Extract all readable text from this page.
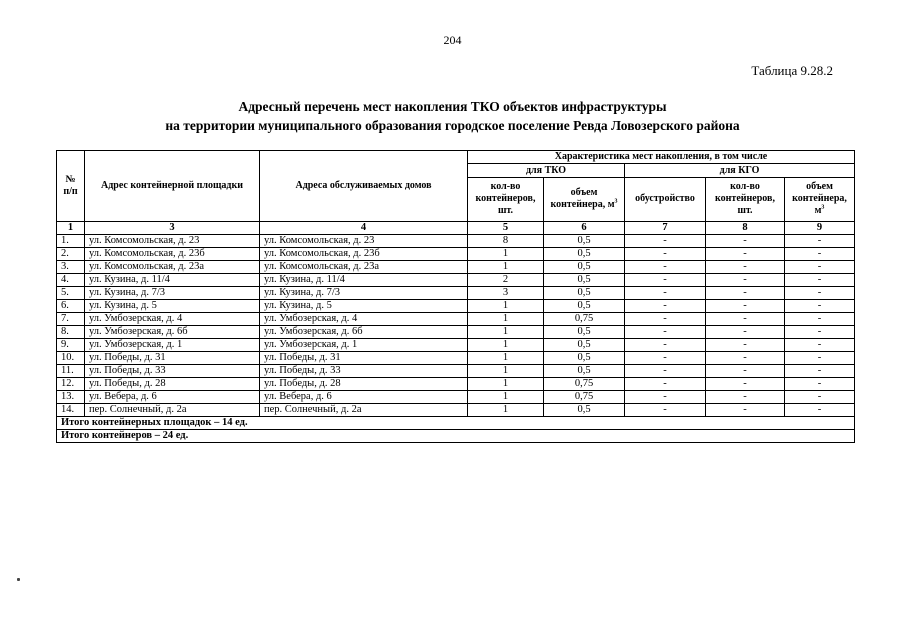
204
Таблица 9.28.2
Адресный перечень мест накопления ТКО объектов инфраструктуры
на территории муниципального образования городское поселение Ревда Ловозерского района
№ п/п	Адрес контейнерной площадки	Адреса обслуживаемых домов	Характеристика мест накопления, в том числе				
			для ТКО		для КГО		
			кол-во контейнеров, шт.	объем контейнера, $м^3$	обустройство	кол-во контейнеров, шт.	объем контейнера, $м^3$
1	3	4	5	6	7	8	9
1.	ул. Комсомольская, д. 23	ул. Комсомольская, д. 23	8	0,5	-	-	-
2.	ул. Комсомольская, д. 23б	ул. Комсомольская, д. 23б	1	0,5	-	-	-
3.	ул. Комсомольская, д. 23а	ул. Комсомольская, д. 23а	1	0,5	-	-	-
4.	ул. Кузина, д. 11/4	ул. Кузина, д. 11/4	2	0,5	-	-	-
5.	ул. Кузина, д. 7/3	ул. Кузина, д. 7/3	3	0,5	-	-	-
6.	ул. Кузина, д. 5	ул. Кузина, д. 5	1	0,5	-	-	-
7.	ул. Умбозерская, д. 4	ул. Умбозерская, д. 4	1	0,75	-	-	-
8.	ул. Умбозерская, д. 6б	ул. Умбозерская, д. 6б	1	0,5	-	-	-
9.	ул. Умбозерская, д. 1	ул. Умбозерская, д. 1	1	0,5	-	-	-
10.	ул. Победы, д. 31	ул. Победы, д. 31	1	0,5	-	-	-
11.	ул. Победы, д. 33	ул. Победы, д. 33	1	0,5	-	-	-
12.	ул. Победы, д. 28	ул. Победы, д. 28	1	0,75	-	-	-
13.	ул. Вебера, д. 6	ул. Вебера, д. 6	1	0,75	-	-	-
14.	пер. Солнечный, д. 2а	пер. Солнечный, д. 2а	1	0,5	-	-	-
Итого контейнерных площадок – 14 ед.							
Итого контейнеров – 24 ед.							
